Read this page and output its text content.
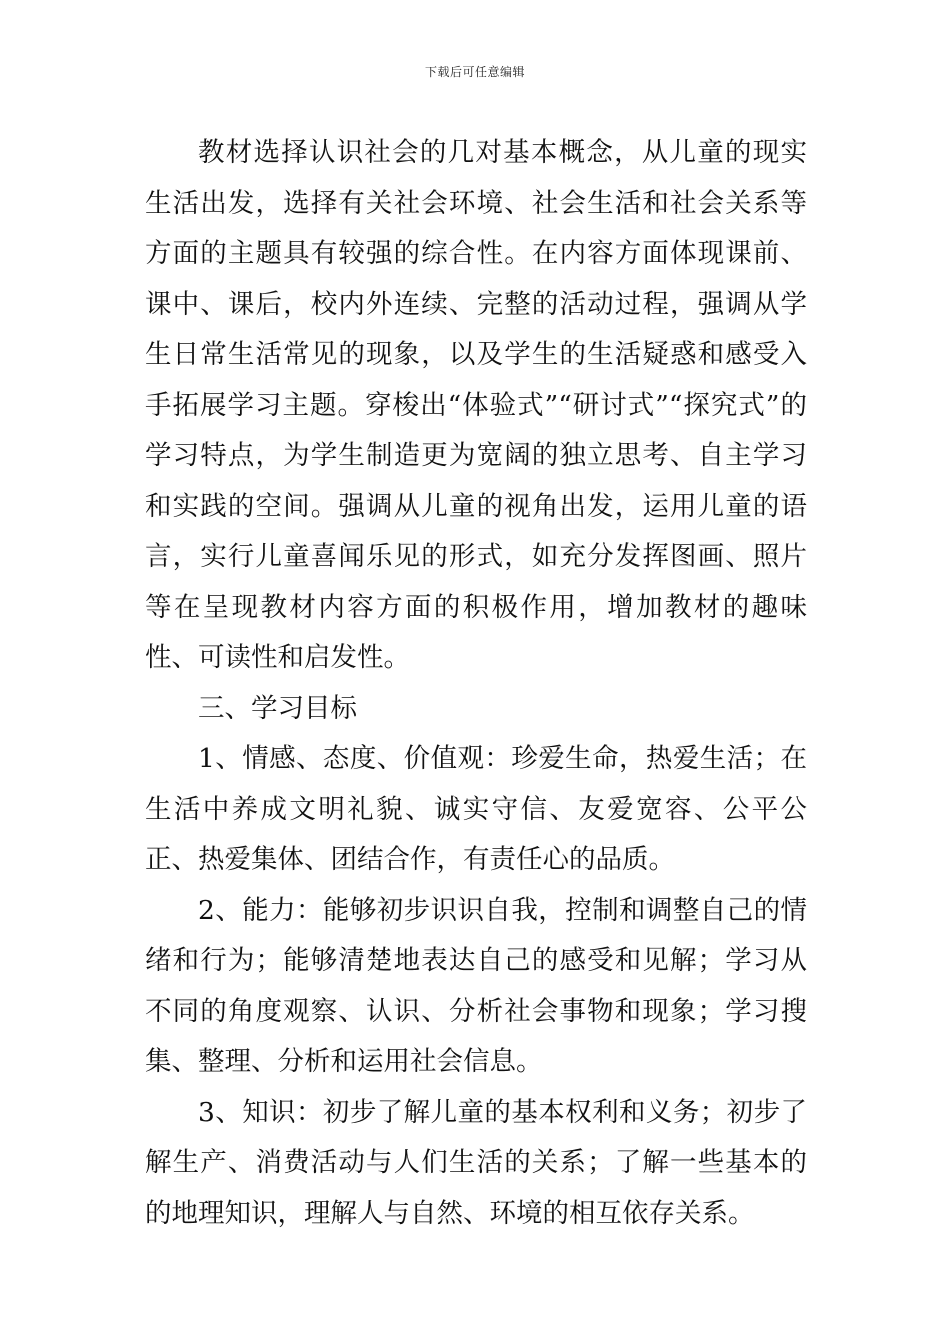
下载后可任意编辑

教材选择认识社会的几对基本概念，从儿童的现实生活出发，选择有关社会环境、社会生活和社会关系等方面的主题具有较强的综合性。在内容方面体现课前、课中、课后，校内外连续、完整的活动过程，强调从学生日常生活常见的现象，以及学生的生活疑惑和感受入手拓展学习主题。穿梭出“体验式”“研讨式”“探究式”的学习特点，为学生制造更为宽阔的独立思考、自主学习和实践的空间。强调从儿童的视角出发，运用儿童的语言，实行儿童喜闻乐见的形式，如充分发挥图画、照片等在呈现教材内容方面的积极作用，增加教材的趣味性、可读性和启发性。

三、学习目标

1、情感、态度、价值观：珍爱生命，热爱生活；在生活中养成文明礼貌、诚实守信、友爱宽容、公平公正、热爱集体、团结合作，有责任心的品质。

2、能力：能够初步识识自我，控制和调整自己的情绪和行为；能够清楚地表达自己的感受和见解；学习从不同的角度观察、认识、分析社会事物和现象；学习搜集、整理、分析和运用社会信息。

3、知识：初步了解儿童的基本权利和义务；初步了解生产、消费活动与人们生活的关系；了解一些基本的的地理知识，理解人与自然、环境的相互依存关系。
